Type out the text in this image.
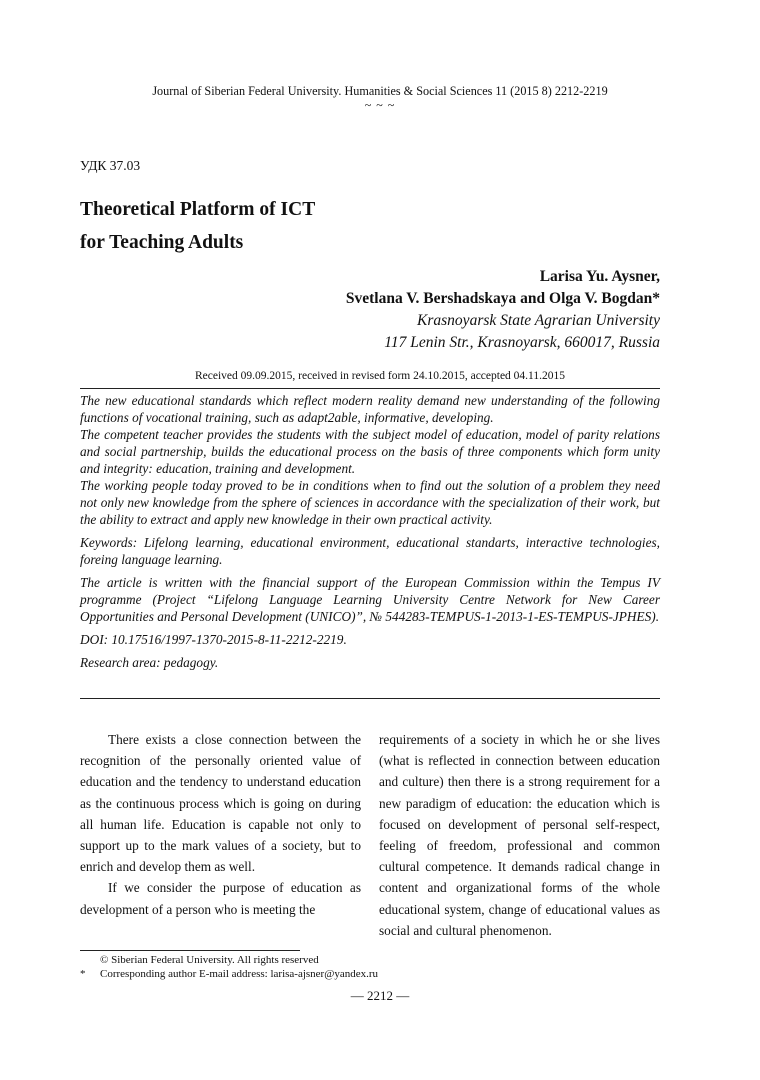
Journal of Siberian Federal University. Humanities & Social Sciences 11 (2015 8) 2212-2219
~ ~ ~
УДК 37.03
Theoretical Platform of ICT
for Teaching Adults
Larisa Yu. Aysner,
Svetlana V. Bershadskaya and Olga V. Bogdan*
Krasnoyarsk State Agrarian University
117 Lenin Str., Krasnoyarsk, 660017, Russia
Received 09.09.2015, received in revised form 24.10.2015, accepted 04.11.2015

The new educational standards which reflect modern reality demand new understanding of the following functions of vocational training, such as adapt2able, informative, developing.

The competent teacher provides the students with the subject model of education, model of parity relations and social partnership, builds the educational process on the basis of three components which form unity and integrity: education, training and development.

The working people today proved to be in conditions when to find out the solution of a problem they need not only new knowledge from the sphere of sciences in accordance with the specialization of their work, but the ability to extract and apply new knowledge in their own practical activity.

Keywords: Lifelong learning, educational environment, educational standarts, interactive technologies, foreing language learning.

The article is written with the financial support of the European Commission within the Tempus IV programme (Project “Lifelong Language Learning University Centre Network for New Career Opportunities and Personal Development (UNICO)”, № 544283-TEMPUS-1-2013-1-ES-TEMPUS-JPHES).

DOI: 10.17516/1997-1370-2015-8-11-2212-2219.

Research area: pedagogy.

There exists a close connection between the recognition of the personally oriented value of education and the tendency to understand education as the continuous process which is going on during all human life. Education is capable not only to support up to the mark values of a society, but to enrich and develop them as well.

If we consider the purpose of education as development of a person who is meeting the

requirements of a society in which he or she lives (what is reflected in connection between education and culture) then there is a strong requirement for a new paradigm of education: the education which is focused on development of personal self-respect, feeling of freedom, professional and common cultural competence. It demands radical change in content and organizational forms of the whole educational system, change of educational values as social and cultural phenomenon.

© Siberian Federal University. All rights reserved
*	Corresponding author E-mail address: larisa-ajsner@yandex.ru
— 2212 —
